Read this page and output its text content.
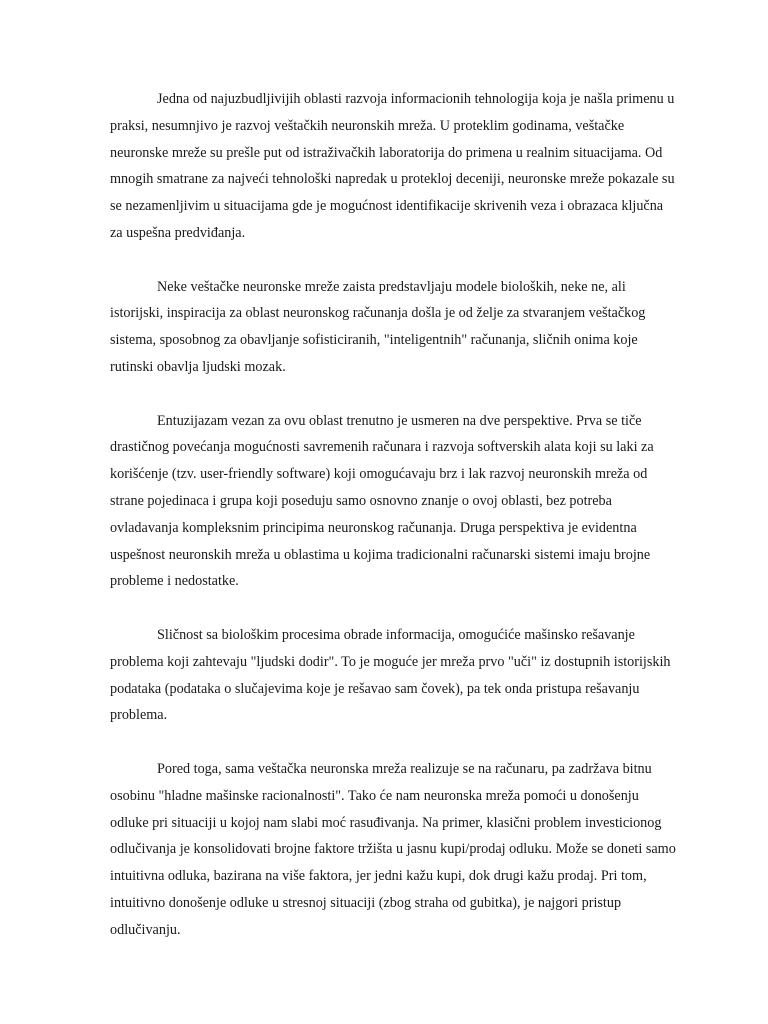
Jedna od najuzbudljivijih oblasti razvoja informacionih tehnologija koja je našla primenu u praksi, nesumnjivo je razvoj veštačkih neuronskih mreža. U proteklim godinama, veštačke neuronske mreže su prešle put od istraživačkih laboratorija do primena u realnim situacijama. Od mnogih smatrane za najveći tehnološki napredak u protekloj deceniji, neuronske mreže pokazale su se nezamenljivim u situacijama gde je mogućnost identifikacije skrivenih veza i obrazaca ključna za uspešna predviđanja.

Neke veštačke neuronske mreže zaista predstavljaju modele bioloških, neke ne, ali istorijski, inspiracija za oblast neuronskog računanja došla je od želje za stvaranjem veštačkog sistema, sposobnog za obavljanje sofisticiranih, "inteligentnih" računanja, sličnih onima koje rutinski obavlja ljudski mozak.

Entuzijazam vezan za ovu oblast trenutno je usmeren na dve perspektive. Prva se tiče drastičnog povećanja mogućnosti savremenih računara i razvoja softverskih alata koji su laki za korišćenje (tzv. user-friendly software) koji omogućavaju brz i lak razvoj neuronskih mreža od strane pojedinaca i grupa koji poseduju samo osnovno znanje o ovoj oblasti, bez potreba ovladavanja kompleksnim principima neuronskog računanja. Druga perspektiva je evidentna uspešnost neuronskih mreža u oblastima u kojima tradicionalni računarski sistemi imaju brojne probleme i nedostatke.

Sličnost sa biološkim procesima obrade informacija, omogućiće mašinsko rešavanje problema koji zahtevaju "ljudski dodir". To je moguće jer mreža prvo "uči" iz dostupnih istorijskih podataka (podataka o slučajevima koje je rešavao sam čovek), pa tek onda pristupa rešavanju problema.

Pored toga, sama veštačka neuronska mreža realizuje se na računaru, pa zadržava bitnu osobinu "hladne mašinske racionalnosti". Tako će nam neuronska mreža pomoći u donošenju odluke pri situaciji u kojoj nam slabi moć rasuđivanja. Na primer, klasični problem investicionog odlučivanja je konsolidovati brojne faktore tržišta u jasnu kupi/prodaj odluku. Može se doneti samo intuitivna odluka, bazirana na više faktora, jer jedni kažu kupi, dok drugi kažu prodaj. Pri tom, intuitivno donošenje odluke u stresnoj situaciji (zbog straha od gubitka), je najgori pristup odlučivanju.
